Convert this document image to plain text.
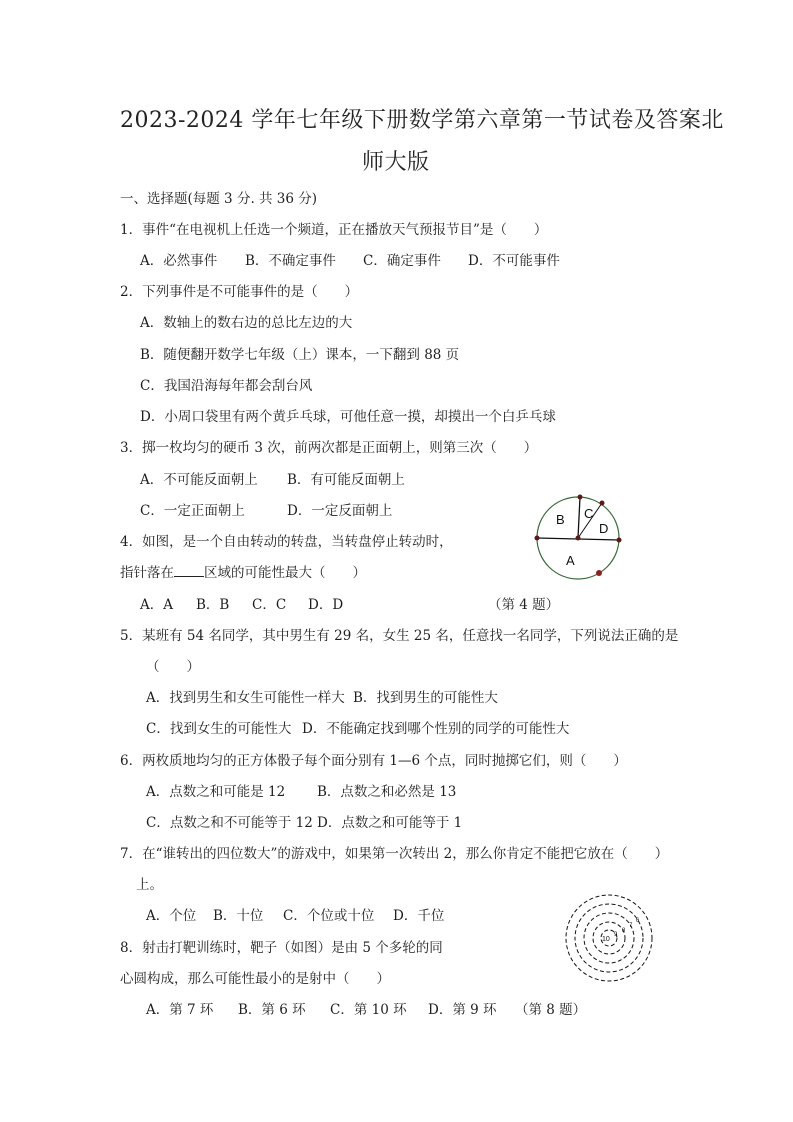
2023-2024 学年七年级下册数学第六章第一节试卷及答案北
师大版
一、选择题(每题 3 分. 共 36 分)
1．事件“在电视机上任选一个频道，正在播放天气预报节目”是（　　）
A．必然事件 B．不确定事件 C．确定事件 D．不可能事件
2．下列事件是不可能事件的是（　　）
A．数轴上的数右边的总比左边的大
B．随便翻开数学七年级（上）课本，一下翻到 88 页
C．我国沿海每年都会刮台风
D．小周口袋里有两个黄乒乓球，可他任意一摸，却摸出一个白乒乓球
3．掷一枚均匀的硬币 3 次，前两次都是正面朝上，则第三次（　　）
A．不可能反面朝上 B．有可能反面朝上
C．一定正面朝上	D．一定反面朝上
4．如图，是一个自由转动的转盘，当转盘停止转动时，
指针落在 区域的可能性最大（　　）
A．A B．B C．C D．D	（第 4 题）
B C
D
A
5．某班有 54 名同学，其中男生有 29 名，女生 25 名，任意找一名同学，下列说法正确的是
（　　）
A．找到男生和女生可能性一样大 B．找到男生的可能性大
C．找到女生的可能性大 D．不能确定找到哪个性别的同学的可能性大
6．两枚质地均匀的正方体骰子每个面分别有 1—6 个点，同时抛掷它们，则（　　）
A．点数之和可能是 12 B．点数之和必然是 13
C．点数之和不可能等于 12 D．点数之和可能等于 1
7．在“谁转出的四位数大”的游戏中，如果第一次转出 2，那么你肯定不能把它放在（　　）
上。
A．个位 B．十位 C．个位或十位 D．千位
8．射击打靶训练时，靶子（如图）是由 5 个多轮的同
心圆构成，那么可能性最小的是射中（　　）
A．第 7 环 B．第 6 环 C．第 10 环 D．第 9 环 （第 8 题）
10
9
8
7
6
